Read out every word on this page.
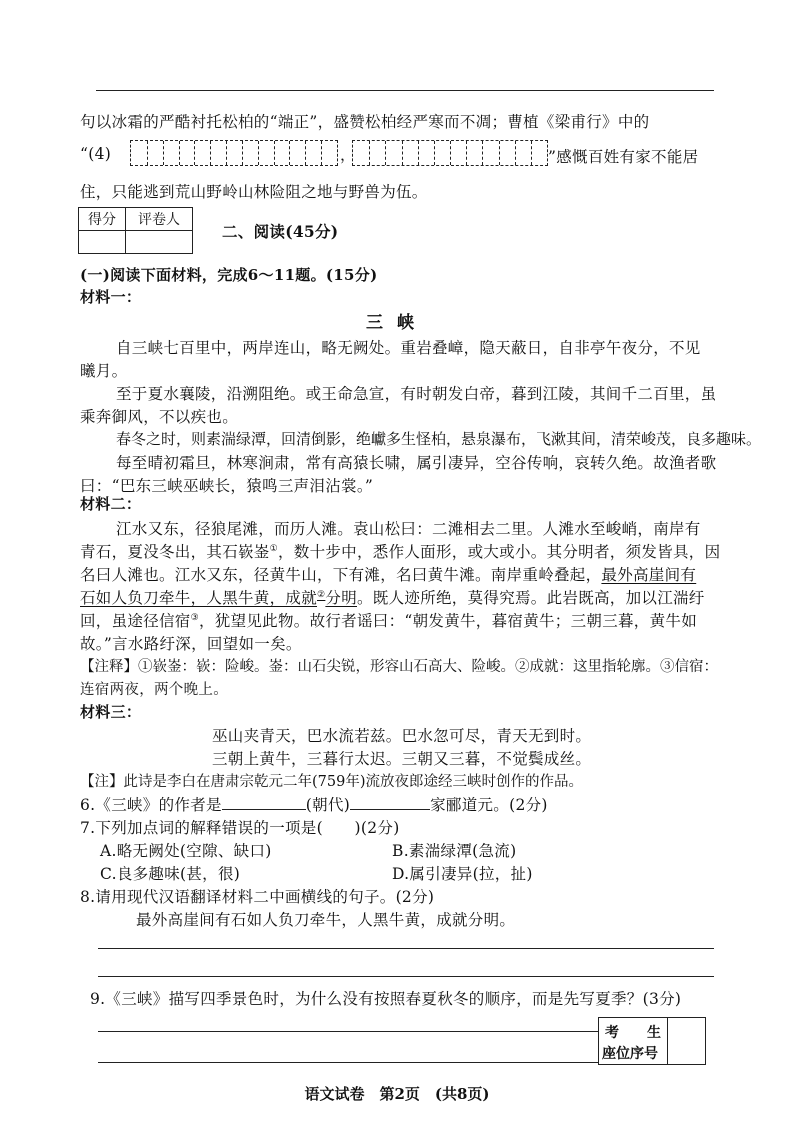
句以冰霜的严酷衬托松柏的“端正”，盛赞松柏经严寒而不凋；曹植《梁甫行》中的
“(4)	，	”感慨百姓有家不能居
住，只能逃到荒山野岭山林险阻之地与野兽为伍。
得分	评卷人

二、阅读(45分)
(一)阅读下面材料，完成6～11题。(15分)
材料一：
三峡
自三峡七百里中，两岸连山，略无阙处。重岩叠嶂，隐天蔽日，自非亭午夜分，不见
曦月。
至于夏水襄陵，沿溯阻绝。或王命急宣，有时朝发白帝，暮到江陵，其间千二百里，虽
乘奔御风，不以疾也。
春冬之时，则素湍绿潭，回清倒影，绝巘多生怪柏，悬泉瀑布，飞漱其间，清荣峻茂，良多趣味。
每至晴初霜旦，林寒涧肃，常有高猿长啸，属引凄异，空谷传响，哀转久绝。故渔者歌
曰：“巴东三峡巫峡长，猿鸣三声泪沾裳。”
材料二：
江水又东，径狼尾滩，而历人滩。袁山松曰：二滩相去二里。人滩水至峻峭，南岸有
青石，夏没冬出，其石嵚崟①，数十步中，悉作人面形，或大或小。其分明者，须发皆具，因
名曰人滩也。江水又东，径黄牛山，下有滩，名曰黄牛滩。南岸重岭叠起，最外高崖间有
石如人负刀牵牛，人黑牛黄，成就②分明。既人迹所绝，莫得究焉。此岩既高，加以江湍纡
回，虽途径信宿③，犹望见此物。故行者谣曰：“朝发黄牛，暮宿黄牛；三朝三暮，黄牛如
故。”言水路纡深，回望如一矣。
【注释】①嵚崟：嵚：险峻。崟：山石尖锐，形容山石高大、险峻。②成就：这里指轮廓。③信宿：
连宿两夜，两个晚上。
材料三：
巫山夹青天，巴水流若兹。巴水忽可尽，青天无到时。
三朝上黄牛，三暮行太迟。三朝又三暮，不觉鬓成丝。
【注】此诗是李白在唐肃宗乾元二年(759年)流放夜郎途经三峡时创作的作品。
6.《三峡》的作者是	(朝代)	家郦道元。(2分)
7.下列加点词的解释错误的一项是(　　)(2分)
A.略无阙处(空隙、缺口)	B.素湍绿潭(急流)
C.良多趣味(甚，很)	D.属引凄异(拉，扯)
8.请用现代汉语翻译材料二中画横线的句子。(2分)
最外高崖间有石如人负刀牵牛，人黑牛黄，成就分明。
9.《三峡》描写四季景色时，为什么没有按照春夏秋冬的顺序，而是先写夏季？(3分)
考　　生
座位序号
语文试卷　第2页　(共8页)
